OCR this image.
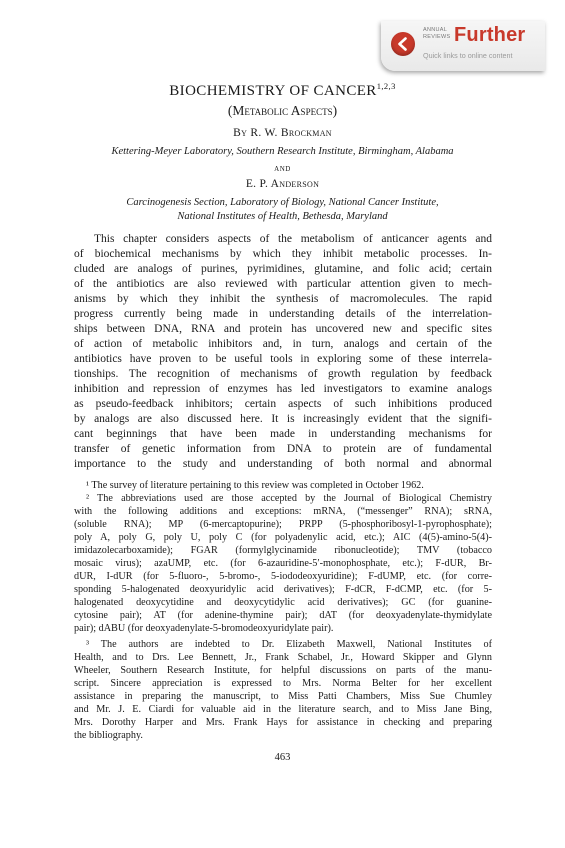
ANNUAL
REVIEWS Further
Quick links to online content
BIOCHEMISTRY OF CANCER$^{1,2,3}$
(Metabolic Aspects)
By R. W. Brockman
Kettering-Meyer Laboratory, Southern Research Institute, Birmingham, Alabama
and
E. P. Anderson
Carcinogenesis Section, Laboratory of Biology, National Cancer Institute,
National Institutes of Health, Bethesda, Maryland
This chapter considers aspects of the metabolism of anticancer agents and
of biochemical mechanisms by which they inhibit metabolic processes. In-
cluded are analogs of purines, pyrimidines, glutamine, and folic acid; certain
of the antibiotics are also reviewed with particular attention given to mech-
anisms by which they inhibit the synthesis of macromolecules. The rapid
progress currently being made in understanding details of the interrelation-
ships between DNA, RNA and protein has uncovered new and specific sites
of action of metabolic inhibitors and, in turn, analogs and certain of the
antibiotics have proven to be useful tools in exploring some of these interrela-
tionships. The recognition of mechanisms of growth regulation by feedback
inhibition and repression of enzymes has led investigators to examine analogs
as pseudo-feedback inhibitors; certain aspects of such inhibitions produced
by analogs are also discussed here. It is increasingly evident that the signifi-
cant beginnings that have been made in understanding mechanisms for
transfer of genetic information from DNA to protein are of fundamental
importance to the study and understanding of both normal and abnormal
¹ The survey of literature pertaining to this review was completed in October 1962.
² The abbreviations used are those accepted by the Journal of Biological Chemistry
with the following additions and exceptions: mRNA, (“messenger” RNA); sRNA,
(soluble RNA); MP (6-mercaptopurine); PRPP (5-phosphoribosyl-1-pyrophosphate);
poly A, poly G, poly U, poly C (for polyadenylic acid, etc.); AIC (4(5)-amino-5(4)-
imidazolecarboxamide); FGAR (formylglycinamide ribonucleotide); TMV (tobacco
mosaic virus); azaUMP, etc. (for 6-azauridine-5′-monophosphate, etc.); F-dUR, Br-
dUR, I-dUR (for 5-fluoro-, 5-bromo-, 5-iododeoxyuridine); F-dUMP, etc. (for corre-
sponding 5-halogenated deoxyuridylic acid derivatives); F-dCR, F-dCMP, etc. (for 5-
halogenated deoxycytidine and deoxycytidylic acid derivatives); GC (for guanine-
cytosine pair); AT (for adenine-thymine pair); dAT (for deoxyadenylate-thymidylate
pair); dABU (for deoxyadenylate-5-bromodeoxyuridylate pair).
³ The authors are indebted to Dr. Elizabeth Maxwell, National Institutes of
Health, and to Drs. Lee Bennett, Jr., Frank Schabel, Jr., Howard Skipper and Glynn
Wheeler, Southern Research Institute, for helpful discussions on parts of the manu-
script. Sincere appreciation is expressed to Mrs. Norma Belter for her excellent
assistance in preparing the manuscript, to Miss Patti Chambers, Miss Sue Chumley
and Mr. J. E. Ciardi for valuable aid in the literature search, and to Miss Jane Bing,
Mrs. Dorothy Harper and Mrs. Frank Hays for assistance in checking and preparing
the bibliography.
463
